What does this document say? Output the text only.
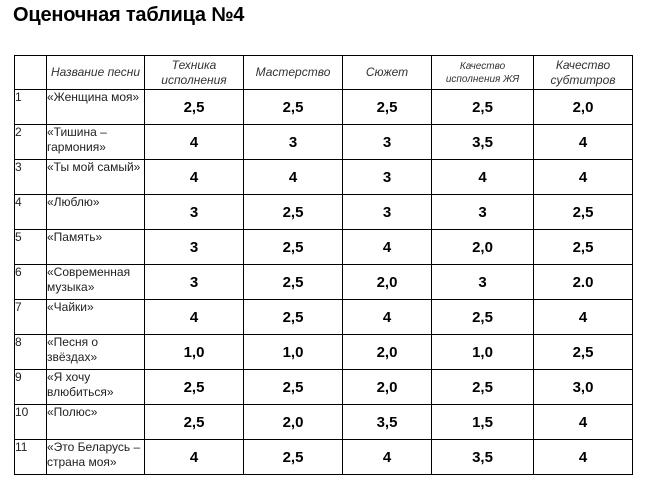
Оценочная таблица №4
	Название песни	Техника исполнения	Мастерство	Сюжет	Качество исполнения ЖЯ	Качество субтитров
1	«Женщина моя»	2,5	2,5	2,5	2,5	2,0
2	«Тишина – гармония»	4	3	3	3,5	4
3	«Ты мой самый»	4	4	3	4	4
4	«Люблю»	3	2,5	3	3	2,5
5	«Память»	3	2,5	4	2,0	2,5
6	«Современная музыка»	3	2,5	2,0	3	2.0
7	«Чайки»	4	2,5	4	2,5	4
8	«Песня о звёздах»	1,0	1,0	2,0	1,0	2,5
9	«Я хочу влюбиться»	2,5	2,5	2,0	2,5	3,0
10	«Полюс»	2,5	2,0	3,5	1,5	4
11	«Это Беларусь – страна моя»	4	2,5	4	3,5	4
